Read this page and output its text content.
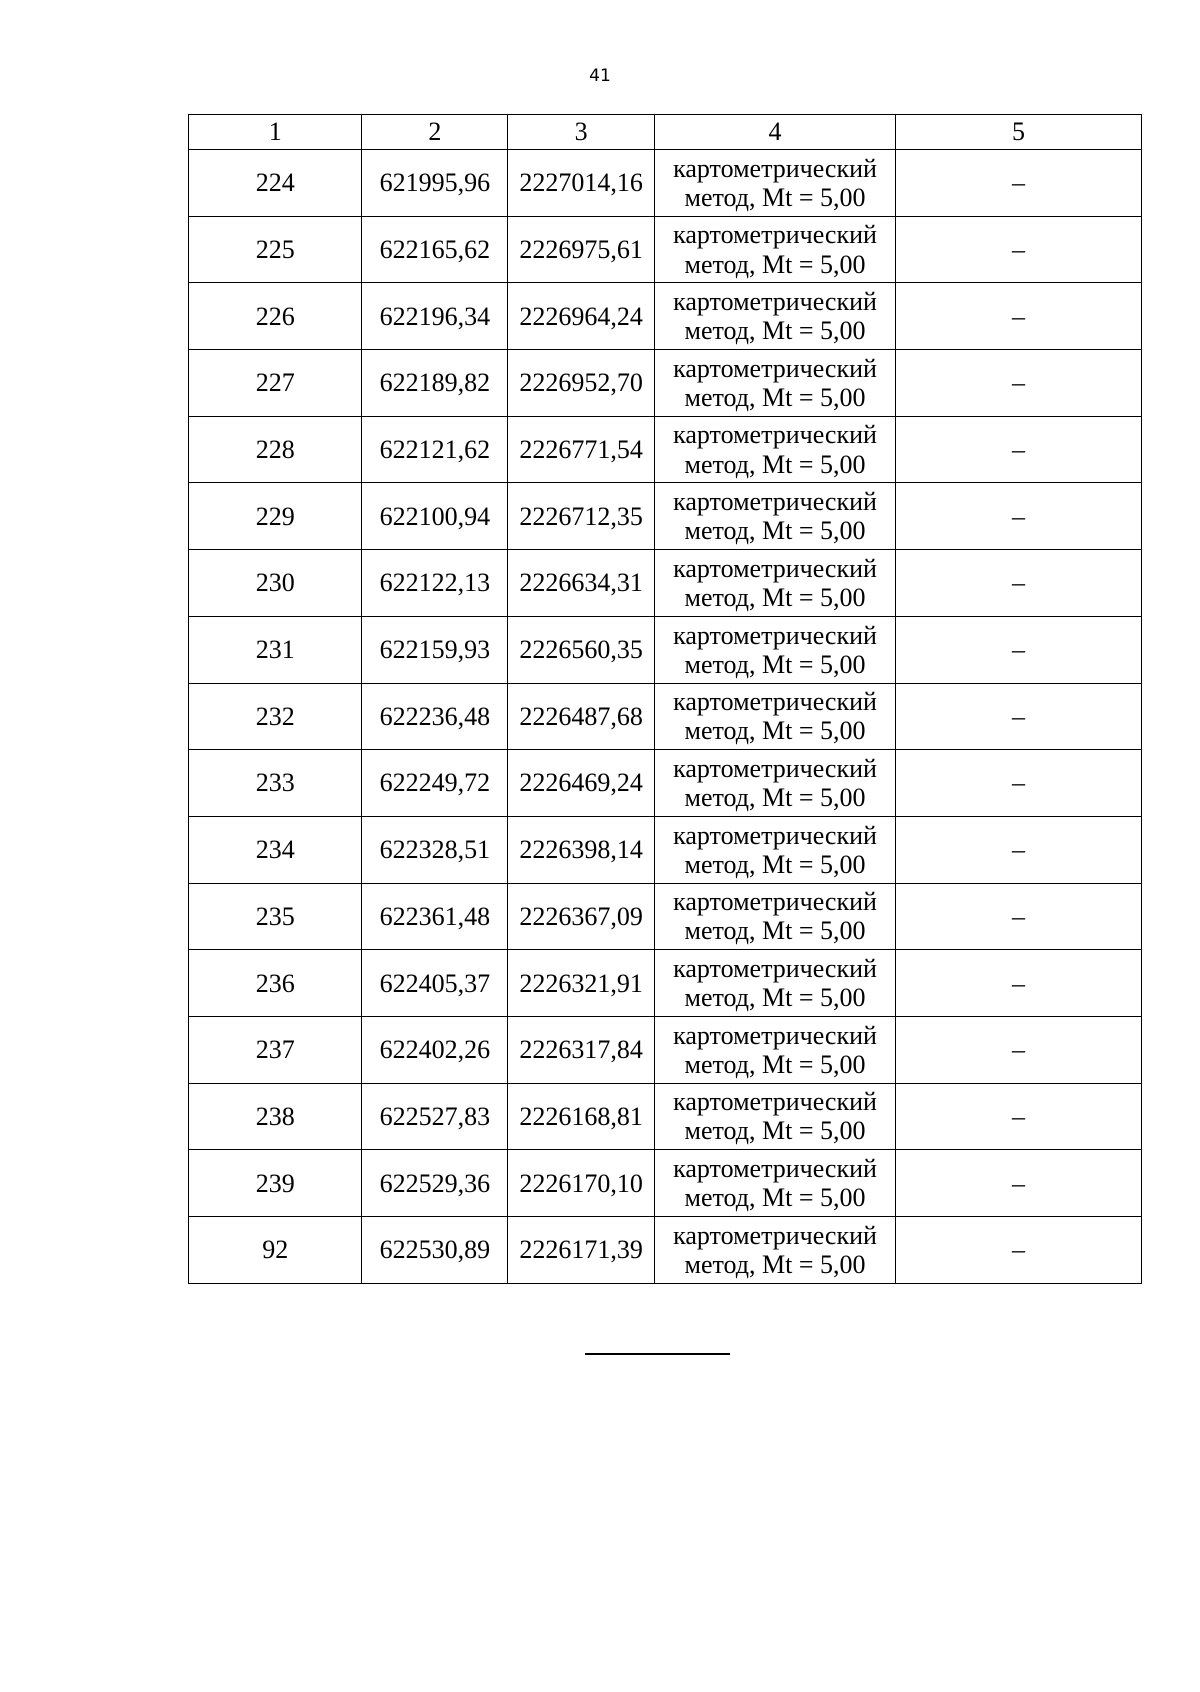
41
1	2	3	4	5
224	621995,96	2227014,16	картометрический
метод, Mt = 5,00	–
225	622165,62	2226975,61	картометрический
метод, Mt = 5,00	–
226	622196,34	2226964,24	картометрический
метод, Mt = 5,00	–
227	622189,82	2226952,70	картометрический
метод, Mt = 5,00	–
228	622121,62	2226771,54	картометрический
метод, Mt = 5,00	–
229	622100,94	2226712,35	картометрический
метод, Mt = 5,00	–
230	622122,13	2226634,31	картометрический
метод, Mt = 5,00	–
231	622159,93	2226560,35	картометрический
метод, Mt = 5,00	–
232	622236,48	2226487,68	картометрический
метод, Mt = 5,00	–
233	622249,72	2226469,24	картометрический
метод, Mt = 5,00	–
234	622328,51	2226398,14	картометрический
метод, Mt = 5,00	–
235	622361,48	2226367,09	картометрический
метод, Mt = 5,00	–
236	622405,37	2226321,91	картометрический
метод, Mt = 5,00	–
237	622402,26	2226317,84	картометрический
метод, Mt = 5,00	–
238	622527,83	2226168,81	картометрический
метод, Mt = 5,00	–
239	622529,36	2226170,10	картометрический
метод, Mt = 5,00	–
92	622530,89	2226171,39	картометрический
метод, Mt = 5,00	–
